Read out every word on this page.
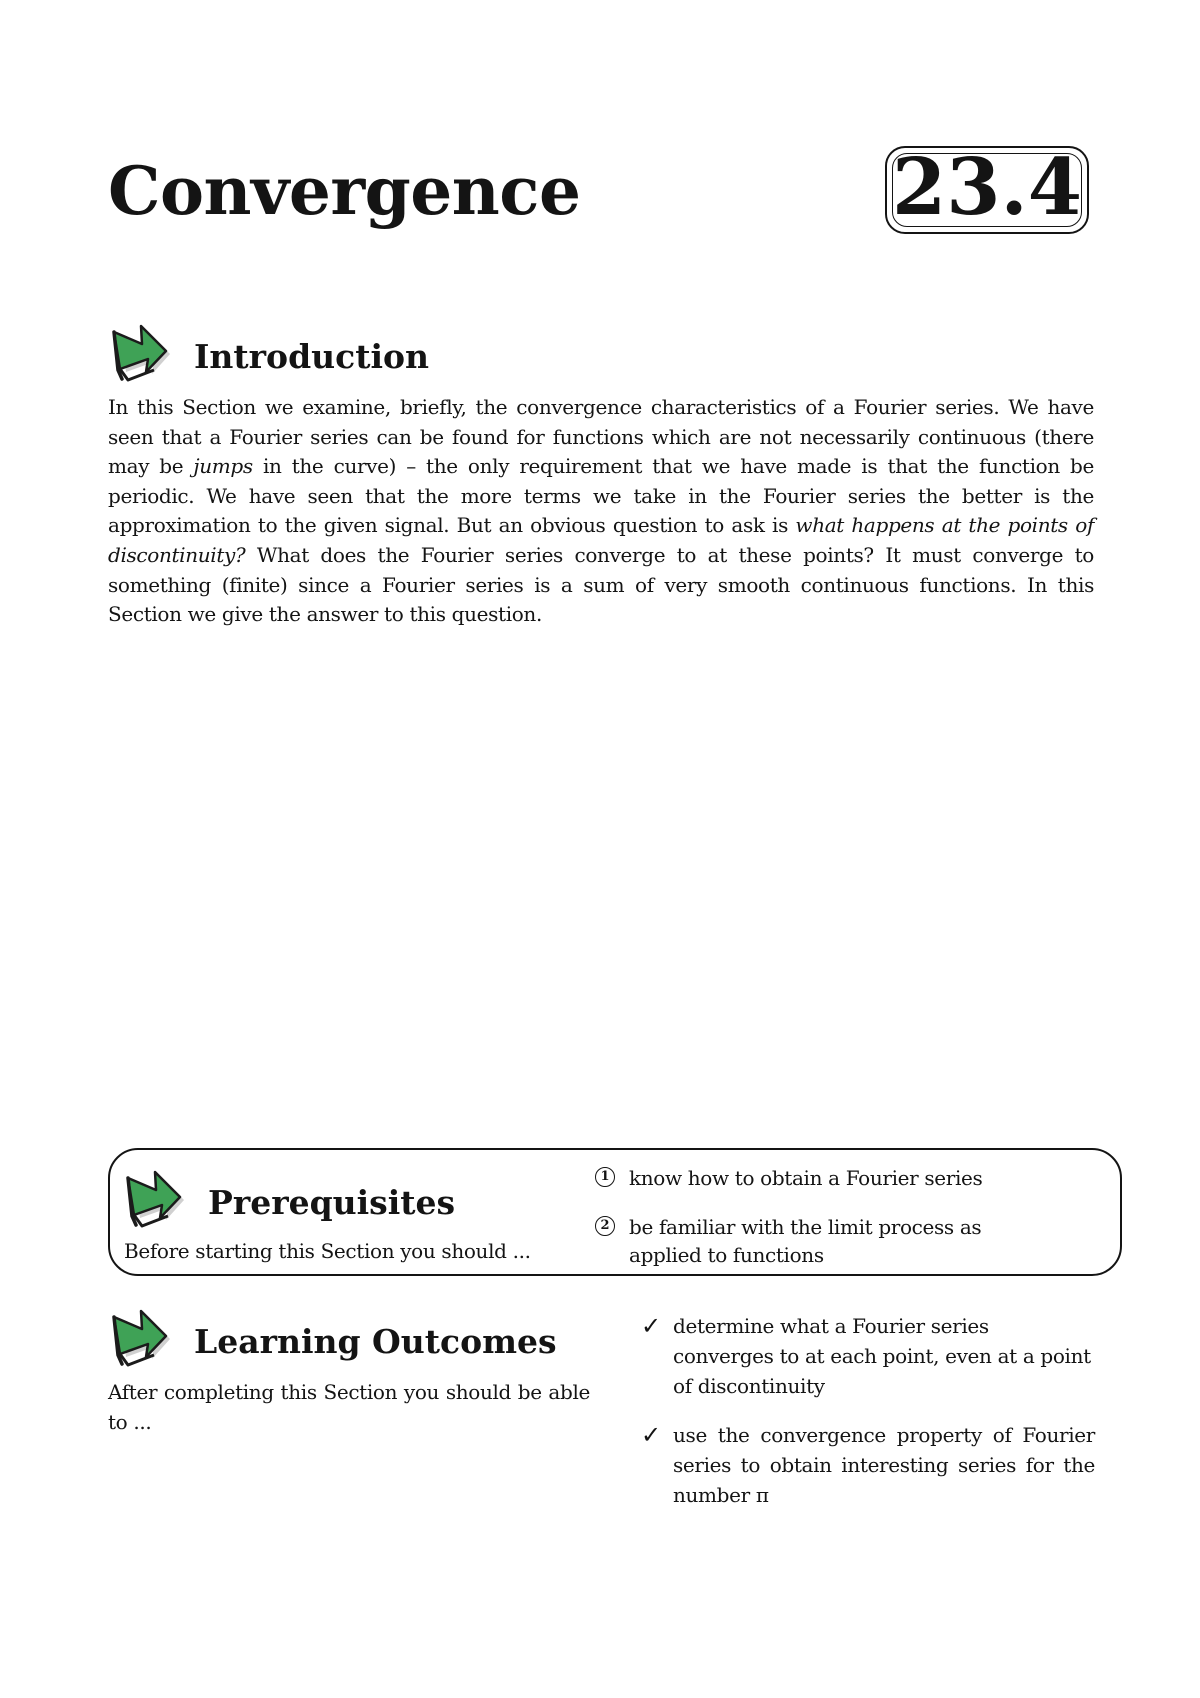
Convergence	23.4
Introduction

In this Section we examine, briefly, the convergence characteristics of a Fourier series. We have seen that a Fourier series can be found for functions which are not necessarily continuous (there may be jumps in the curve) – the only requirement that we have made is that the function be periodic. We have seen that the more terms we take in the Fourier series the better is the approximation to the given signal. But an obvious question to ask is what happens at the points of discontinuity? What does the Fourier series converge to at these points? It must converge to something (finite) since a Fourier series is a sum of very smooth continuous functions. In this Section we give the answer to this question.

Prerequisites

Before starting this Section you should ...

1 know how to obtain a Fourier series

2 be familiar with the limit process as
applied to functions

Learning Outcomes

After completing this Section you should be able to ...

✓ determine what a Fourier series converges to at each point, even at a point of discontinuity

✓ use the convergence property of Fourier series to obtain interesting series for the number π
